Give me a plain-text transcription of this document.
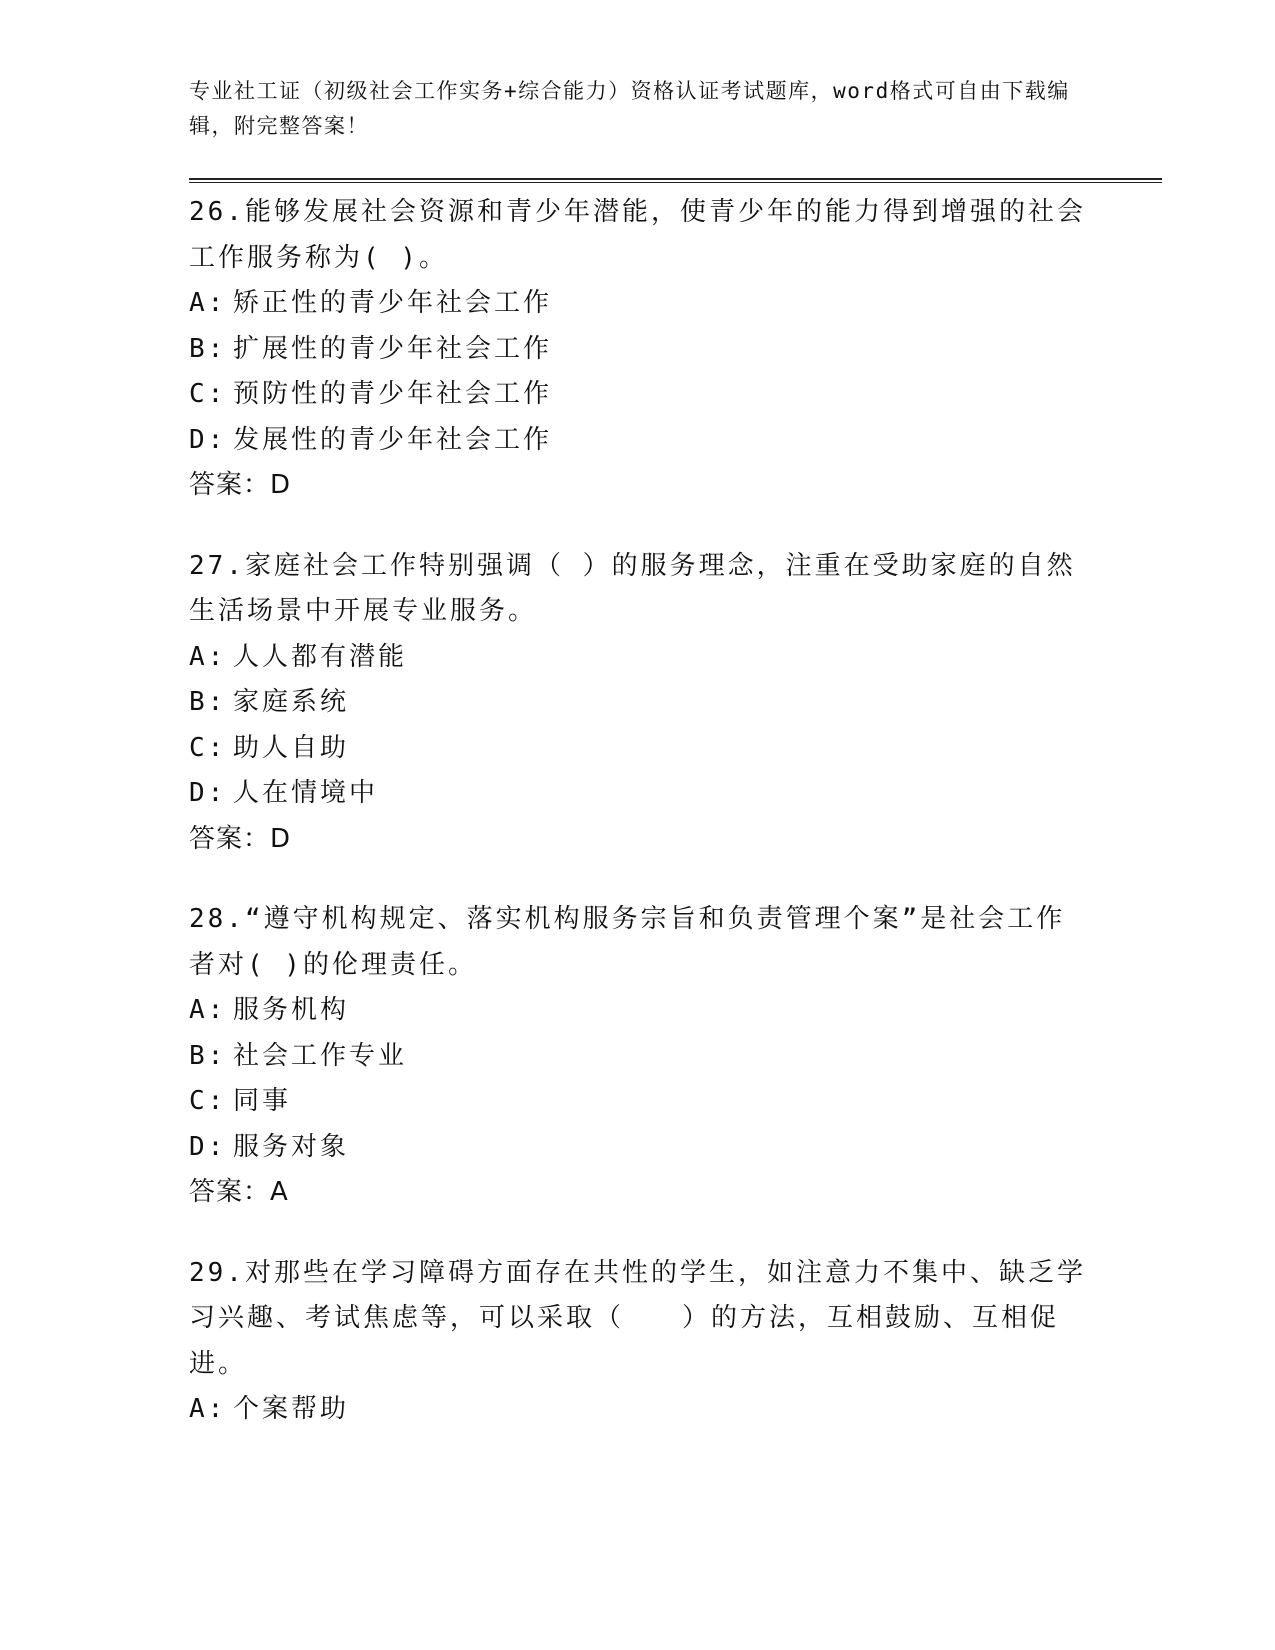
专业社工证（初级社会工作实务+综合能力）资格认证考试题库，word格式可自由下载编辑，附完整答案！
26.能够发展社会资源和青少年潜能，使青少年的能力得到增强的社会工作服务称为( )。
A: 矫正性的青少年社会工作
B: 扩展性的青少年社会工作
C: 预防性的青少年社会工作
D: 发展性的青少年社会工作
答案：D
27.家庭社会工作特别强调（ ）的服务理念，注重在受助家庭的自然生活场景中开展专业服务。
A: 人人都有潜能
B: 家庭系统
C: 助人自助
D: 人在情境中
答案：D
28.“遵守机构规定、落实机构服务宗旨和负责管理个案”是社会工作者对( )的伦理责任。
A: 服务机构
B: 社会工作专业
C: 同事
D: 服务对象
答案：A
29.对那些在学习障碍方面存在共性的学生，如注意力不集中、缺乏学习兴趣、考试焦虑等，可以采取（　　）的方法，互相鼓励、互相促进。
A: 个案帮助
